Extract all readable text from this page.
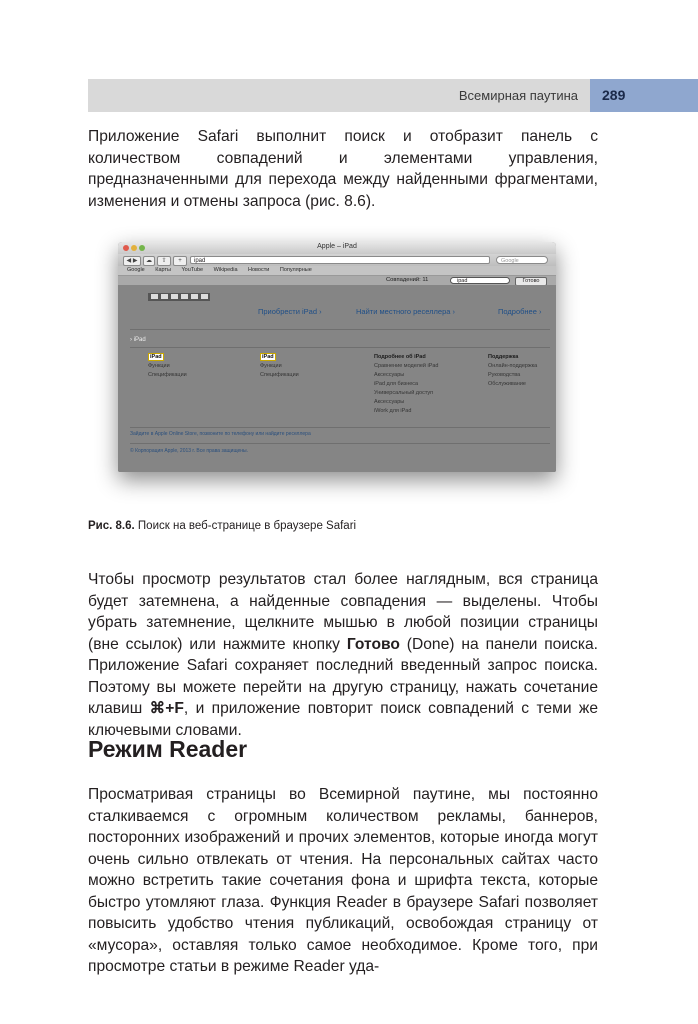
Всемирная паутина 289

Приложение Safari выполнит поиск и отобразит панель с количеством совпадений и элементами управления, предназначенными для перехода между найденными фрагментами, изменения и отмены запроса (рис. 8.6).

Apple – iPad
◀ ▶	☁	⇧	+	ipad	Google
Google Карты YouTube Wikipedia Новости Популярные
Совпадений: 11	ipad	Готово
Приобрести iPad ›	Найти местного реселлера ›	Подробнее ›
› iPad
iPad
Функции
Спецификации
iPad
Функции
Спецификации
Подробнее об iPad
Сравнение моделей iPad
Аксессуары
iPad для бизнеса
Универсальный доступ
Аксессуары
iWork для iPad
Поддержка
Онлайн-поддержка
Руководства
Обслуживание
Зайдите в Apple Online Store, позвоните по телефону или найдите реселлера
© Корпорация Apple, 2013 г. Все права защищены.

Рис. 8.6. Поиск на веб-странице в браузере Safari

Чтобы просмотр результатов стал более наглядным, вся страница будет затемнена, а найденные совпадения — выделены. Чтобы убрать затемнение, щелкните мышью в любой позиции страницы (вне ссылок) или нажмите кнопку Готово (Done) на панели поиска. Приложение Safari сохраняет последний введенный запрос поиска. Поэтому вы можете перейти на другую страницу, нажать сочетание клавиш ⌘+F, и приложение повторит поиск совпадений с теми же ключевыми словами.

Режим Reader

Просматривая страницы во Всемирной паутине, мы постоянно сталкиваемся с огромным количеством рекламы, баннеров, посторонних изображений и прочих элементов, которые иногда могут очень сильно отвлекать от чтения. На персональных сайтах часто можно встретить такие сочетания фона и шрифта текста, которые быстро утомляют глаза. Функция Reader в браузере Safari позволяет повысить удобство чтения публикаций, освобождая страницу от «мусора», оставляя только самое необходимое. Кроме того, при просмотре статьи в режиме Reader уда-
